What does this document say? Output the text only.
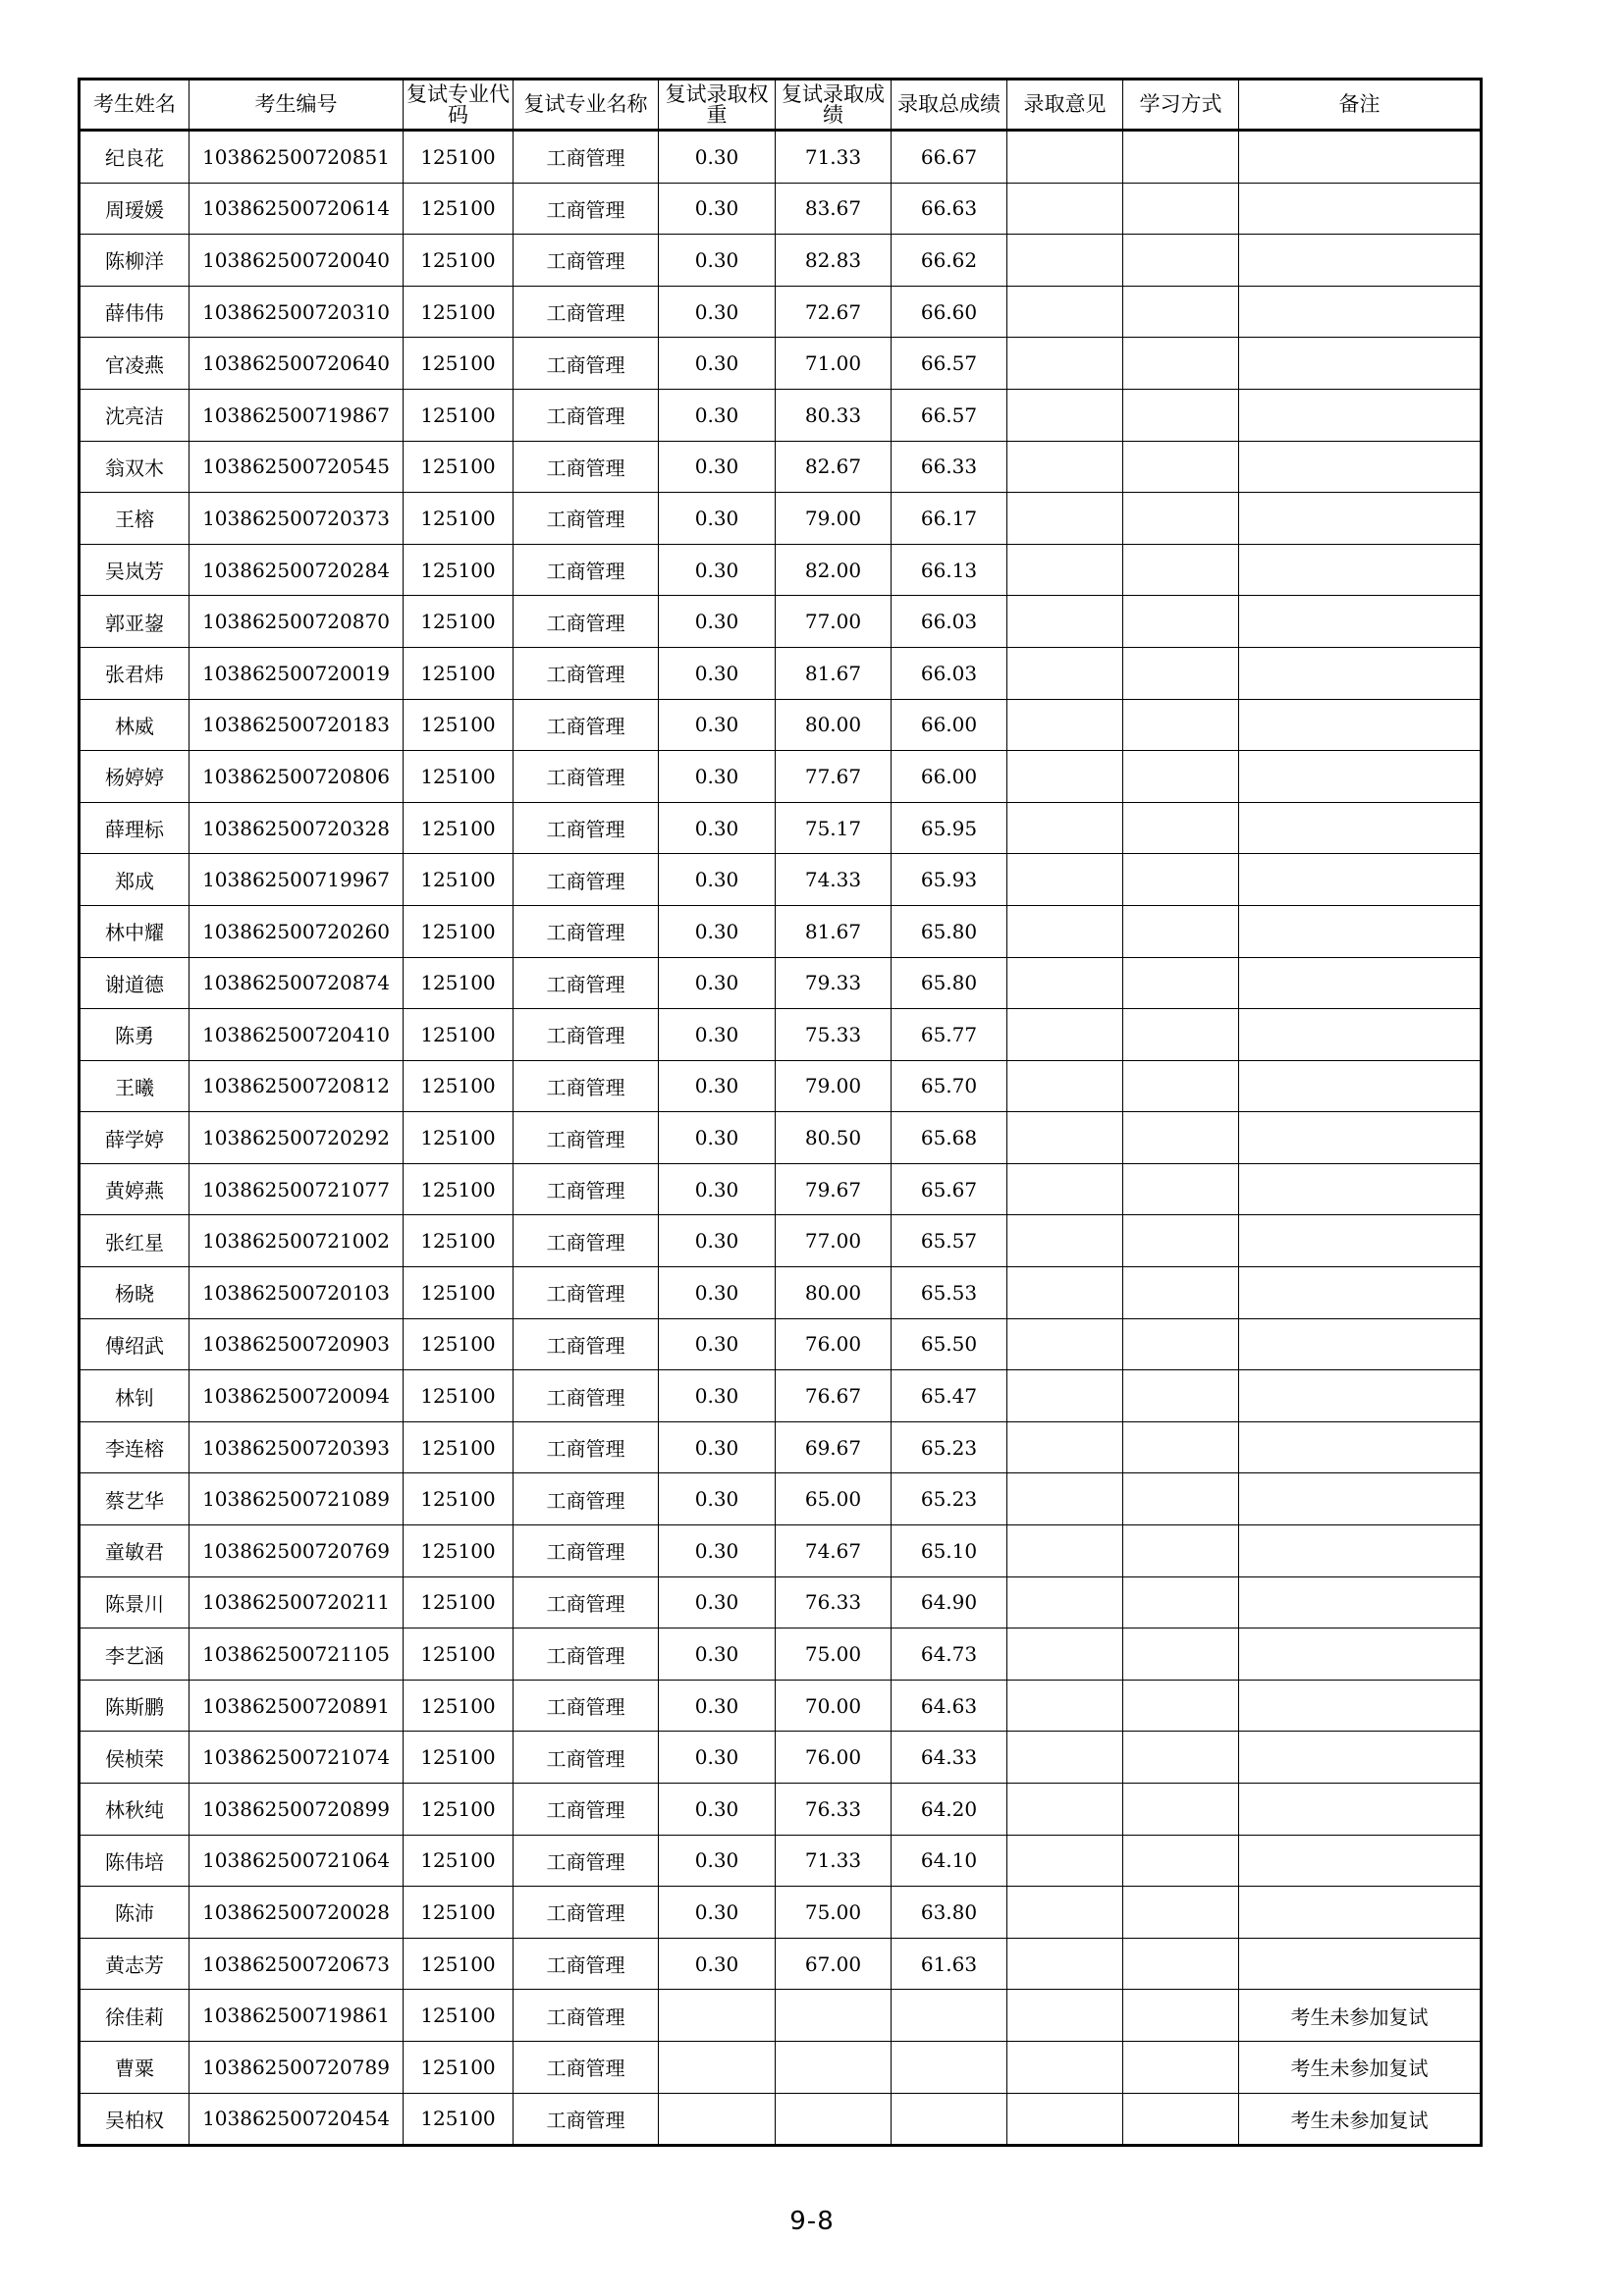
考生姓名	考生编号	复试专业代码	复试专业名称	复试录取权重	复试录取成绩	录取总成绩	录取意见	学习方式	备注
纪良花	103862500720851	125100	工商管理	0.30	71.33	66.67			
周瑷媛	103862500720614	125100	工商管理	0.30	83.67	66.63			
陈柳洋	103862500720040	125100	工商管理	0.30	82.83	66.62			
薛伟伟	103862500720310	125100	工商管理	0.30	72.67	66.60			
官凌燕	103862500720640	125100	工商管理	0.30	71.00	66.57			
沈亮洁	103862500719867	125100	工商管理	0.30	80.33	66.57			
翁双木	103862500720545	125100	工商管理	0.30	82.67	66.33			
王榕	103862500720373	125100	工商管理	0.30	79.00	66.17			
吴岚芳	103862500720284	125100	工商管理	0.30	82.00	66.13			
郭亚鋆	103862500720870	125100	工商管理	0.30	77.00	66.03			
张君炜	103862500720019	125100	工商管理	0.30	81.67	66.03			
林威	103862500720183	125100	工商管理	0.30	80.00	66.00			
杨婷婷	103862500720806	125100	工商管理	0.30	77.67	66.00			
薛理标	103862500720328	125100	工商管理	0.30	75.17	65.95			
郑成	103862500719967	125100	工商管理	0.30	74.33	65.93			
林中耀	103862500720260	125100	工商管理	0.30	81.67	65.80			
谢道德	103862500720874	125100	工商管理	0.30	79.33	65.80			
陈勇	103862500720410	125100	工商管理	0.30	75.33	65.77			
王曦	103862500720812	125100	工商管理	0.30	79.00	65.70			
薛学婷	103862500720292	125100	工商管理	0.30	80.50	65.68			
黄婷燕	103862500721077	125100	工商管理	0.30	79.67	65.67			
张红星	103862500721002	125100	工商管理	0.30	77.00	65.57			
杨晓	103862500720103	125100	工商管理	0.30	80.00	65.53			
傅绍武	103862500720903	125100	工商管理	0.30	76.00	65.50			
林钊	103862500720094	125100	工商管理	0.30	76.67	65.47			
李连榕	103862500720393	125100	工商管理	0.30	69.67	65.23			
蔡艺华	103862500721089	125100	工商管理	0.30	65.00	65.23			
童敏君	103862500720769	125100	工商管理	0.30	74.67	65.10			
陈景川	103862500720211	125100	工商管理	0.30	76.33	64.90			
李艺涵	103862500721105	125100	工商管理	0.30	75.00	64.73			
陈斯鹏	103862500720891	125100	工商管理	0.30	70.00	64.63			
侯桢荣	103862500721074	125100	工商管理	0.30	76.00	64.33			
林秋纯	103862500720899	125100	工商管理	0.30	76.33	64.20			
陈伟培	103862500721064	125100	工商管理	0.30	71.33	64.10			
陈沛	103862500720028	125100	工商管理	0.30	75.00	63.80			
黄志芳	103862500720673	125100	工商管理	0.30	67.00	61.63			
徐佳莉	103862500719861	125100	工商管理						考生未参加复试
曹粟	103862500720789	125100	工商管理						考生未参加复试
吴柏权	103862500720454	125100	工商管理						考生未参加复试
9-8
